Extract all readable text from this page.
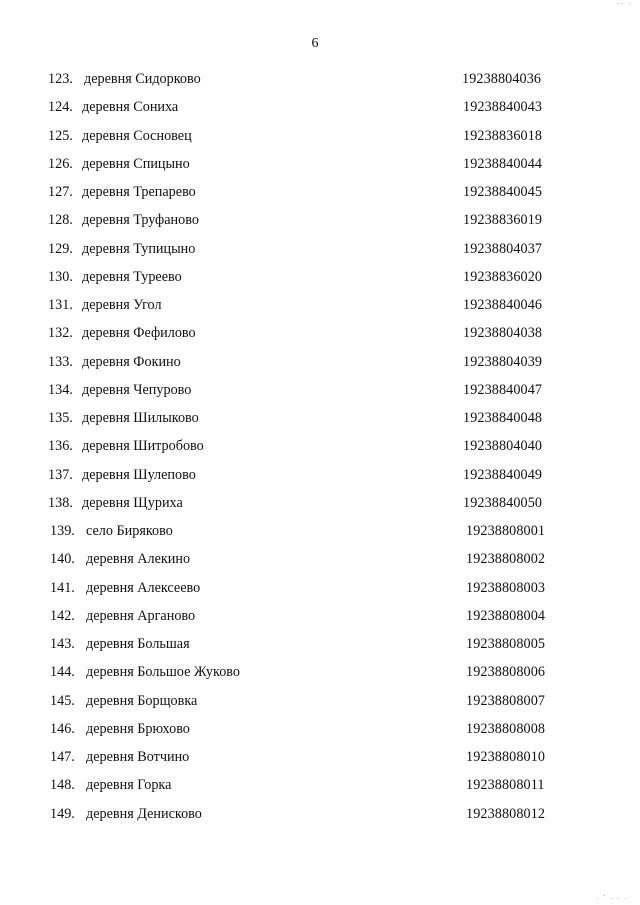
.. .
6
123. деревня Сидорково	19238804036
124. деревня Сониха	19238840043
125. деревня Сосновец	19238836018
126. деревня Спицыно	19238840044
127. деревня Трепарево	19238840045
128. деревня Труфаново	19238836019
129. деревня Тупицыно	19238804037
130. деревня Туреево	19238836020
131. деревня Угол	19238840046
132. деревня Фефилово	19238804038
133. деревня Фокино	19238804039
134. деревня Чепурово	19238840047
135. деревня Шилыково	19238840048
136. деревня Шитробово	19238804040
137. деревня Шулепово	19238840049
138. деревня Щуриха	19238840050
139. село Биряково	19238808001
140. деревня Алекино	19238808002
141. деревня Алексеево	19238808003
142. деревня Арганово	19238808004
143. деревня Большая	19238808005
144. деревня Большое Жуково	19238808006
145. деревня Борщовка	19238808007
146. деревня Брюхово	19238808008
147. деревня Вотчино	19238808010
148. деревня Горка	19238808011
149. деревня Денисково	19238808012
. ' . . .
